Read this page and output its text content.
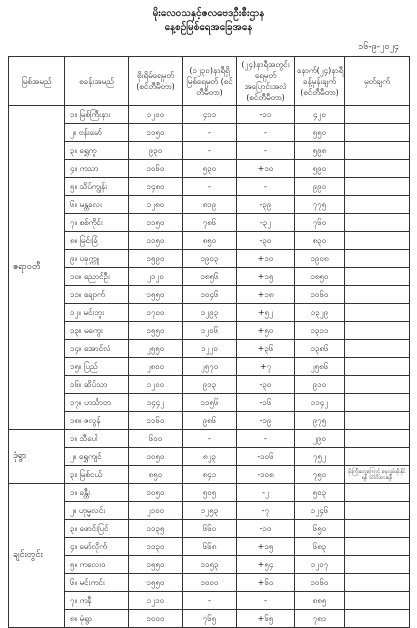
မိုးလေဝသနှင့်ဇလဗေဒဦးစီးဌာန
နေ့စဉ်မြစ်ရေအခြေအနေ
၁၆-၉-၂၀၂၄
မြစ်အမည်	စခန်းအမည်	စိုးရိမ်ရေမှတ် (စင်တီမီတာ)	(၁၂၃၀)နာရီရှိ မြစ်ရေမှတ် (စင်တီမီတာ)	(၂၄)နာရီအတွင်း ရေမှတ်အပြောင်းအလဲ (စင်တီမီတာ)	နောက်(၂၄)နာရီ ခန့်မှန်းချက် (စင်တီမီတာ)	မှတ်ချက်
ဧရာဝတီ	၁။ မြစ်ကြီးနား	၁၂၀၀	၄၁၁	-၁၁	၄၂၀	
	၂။ ဗန်းမော်	၁၁၅၀	-	-	၅၅၀	
	၃။ ရွှေကူ	၉၃၀	-	-	၅၉၈	
	၄။ ကသာ	၁၀၆၀	၅၃၀	+၁၀	၅၉၀	
	၅။ သိပ်ကျွန်း	၁၄၈၀	-	-	၉၉၀	
	၆။ မန္တလေး	၁၂၈၀	၈၁၉	-၃၉	၇၇၅	
	၇။ စစ်ကိုင်း	၁၁၅၀	၇၈၆	-၃၂	၇၆၀	
	၈။ မြင်းခြံ	၁၁၅၀	၈၅၀	-၃၀	၈၃၀	
	၉။ ပခုက္ကူ	၁၅၉၀	၁၉၀၃	+၁၀	၁၉၀၈	
	၁၀။ ညောင်ဦး	၂၁၂၀	၁၈၅၆	+၁၅	၁၈၅၀	
	၁၁။ ချောက်	၁၅၅၀	၁၀၄၆	+၁၈	၁၀၆၀	
	၁၂။ မင်းဘူး	၁၇၀၀	၁၂၉၃	+၅၂	၁၃၂၉	
	၁၃။ မကွေး	၁၅၅၀	၁၂၀၆	+၅၀	၁၃၁၁	
	၁၄။ အောင်လံ	၂၅၅၀	၁၂၂၀	+၃၆	၁၃၈၆	
	၁၅။ ပြည်	၂၈၀၀	၂၅၇၀	+၇	၂၅၈၆	
	၁၆။ ဆိပ်သာ	၁၂၀၀	၉၁၃	-၃၀	၉၁၀	
	၁၇။ ဟင်္သာတ	၁၄၄၂	၁၁၅၆	-၁၆	၁၁၄၂	
	၁၈။ ဇလွန်	၁၁၆၀	၉၈၆	-၁၉	၉၇၅	
ဒုံရွာ	၁။ သီပေါ	၆၀၀	-	-	၂၉၀	
	၂။ ရွှေကျင်	၁၀၅၀	၈၂၃	-၁၀၆	၇၅၂	
	၃။ မြစ်ငယ်	၈၅၀	၈၄၁	-၁၀၈	၇၅၀	မိုးကြီးတွေကြောင့် ရေလွှမ်းမိုးနိုင်ရန် သတိထားရန်
ချင်းတွင်း	၁။ ခန္တီး	၁၀၅၀	၅၀၅	-၂	၅၀၃	
	၂။ ဟုမ္မလင်း	၂၁၀၀	၁၂၅၃	-၇	၁၂၄၆	
	၃။ ဖောင်းပြင်	၁၁၃၅	၆၆၀	-၁၀	၆၅၀	
	၄။ မော်လိုက်	၁၁၃၀	၆၆၈	+၁၅	၆၈၃	
	၅။ ကလေးဝ	၁၅၅၀	၁၁၅၃	+၅၄	၁၂၀၇	
	၆။ မင်းကင်း	၁၅၅၀	၁၀၀၀	+၆၀	၁၀၆၀	
	၇။ ကနီ	၁၂၁၀	-	-	၈၈၅	
	၈။ မုံရွာ	၁၀၀၀	၇၆၅	+၆၅	၇၈၁	
